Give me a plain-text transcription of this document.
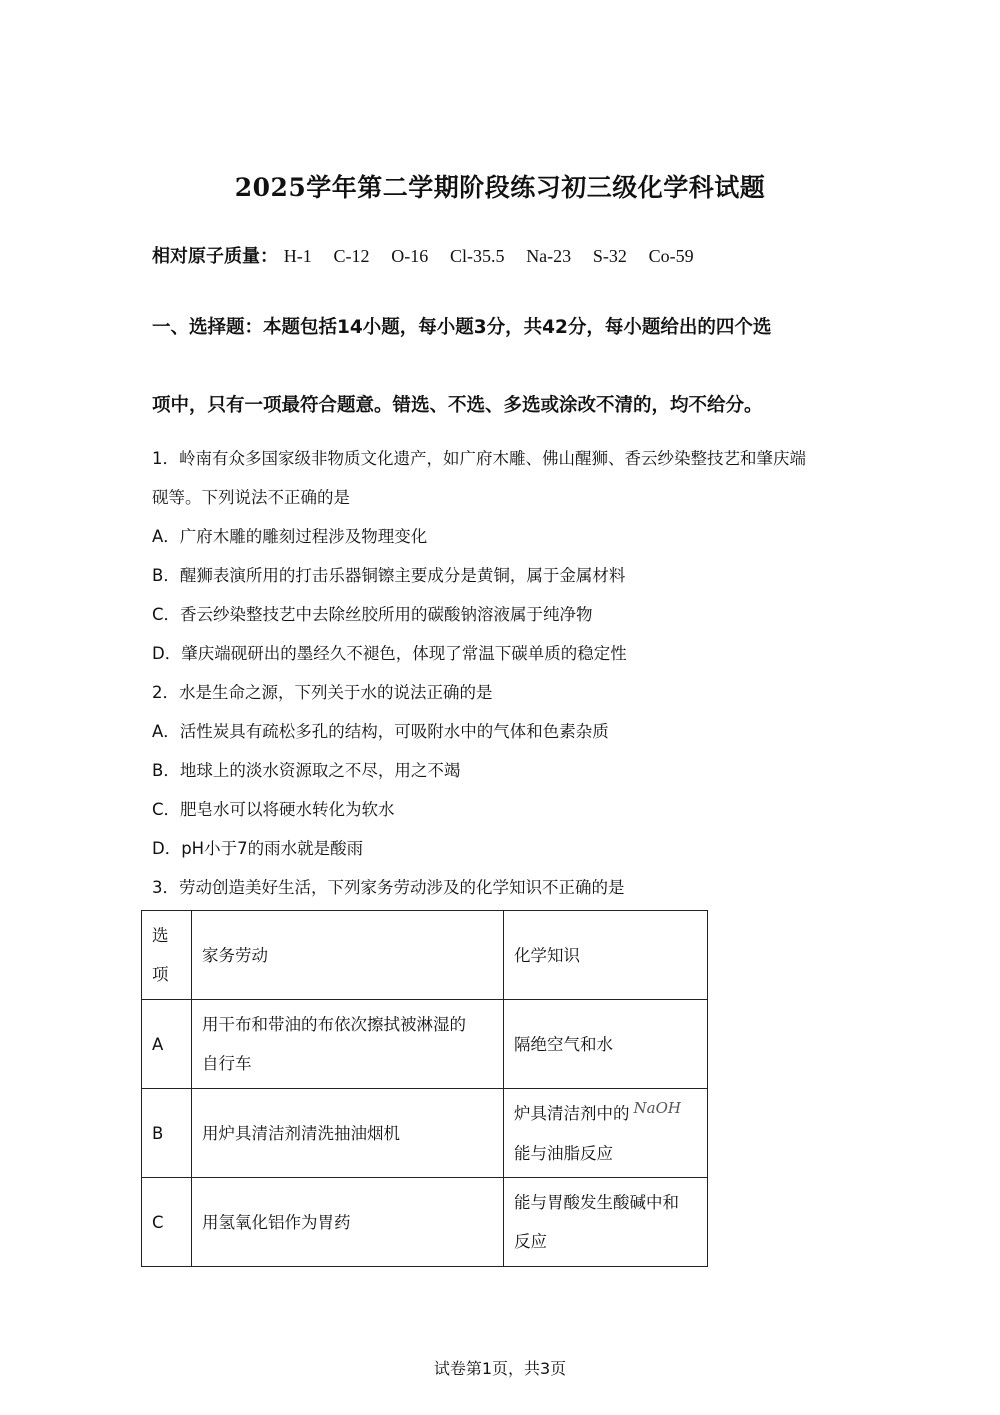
2025学年第二学期阶段练习初三级化学科试题
相对原子质量： H-1 C-12 O-16 Cl-35.5 Na-23 S-32 Co-59
一、选择题：本题包括14小题，每小题3分，共42分，每小题给出的四个选
项中，只有一项最符合题意。错选、不选、多选或涂改不清的，均不给分。
1．岭南有众多国家级非物质文化遗产，如广府木雕、佛山醒狮、香云纱染整技艺和肇庆端
砚等。下列说法不正确的是
A．广府木雕的雕刻过程涉及物理变化
B．醒狮表演所用的打击乐器铜镲主要成分是黄铜，属于金属材料
C．香云纱染整技艺中去除丝胶所用的碳酸钠溶液属于纯净物
D．肇庆端砚研出的墨经久不褪色，体现了常温下碳单质的稳定性
2．水是生命之源，下列关于水的说法正确的是
A．活性炭具有疏松多孔的结构，可吸附水中的气体和色素杂质
B．地球上的淡水资源取之不尽，用之不竭
C．肥皂水可以将硬水转化为软水
D．pH小于7的雨水就是酸雨
3．劳动创造美好生活，下列家务劳动涉及的化学知识不正确的是
选
项	家务劳动	化学知识
A	用干布和带油的布依次擦拭被淋湿的
自行车	隔绝空气和水
B	用炉具清洁剂清洗抽油烟机	炉具清洁剂中的 NaOH
能与油脂反应

C	用氢氧化铝作为胃药	能与胃酸发生酸碱中和
反应
试卷第1页，共3页
